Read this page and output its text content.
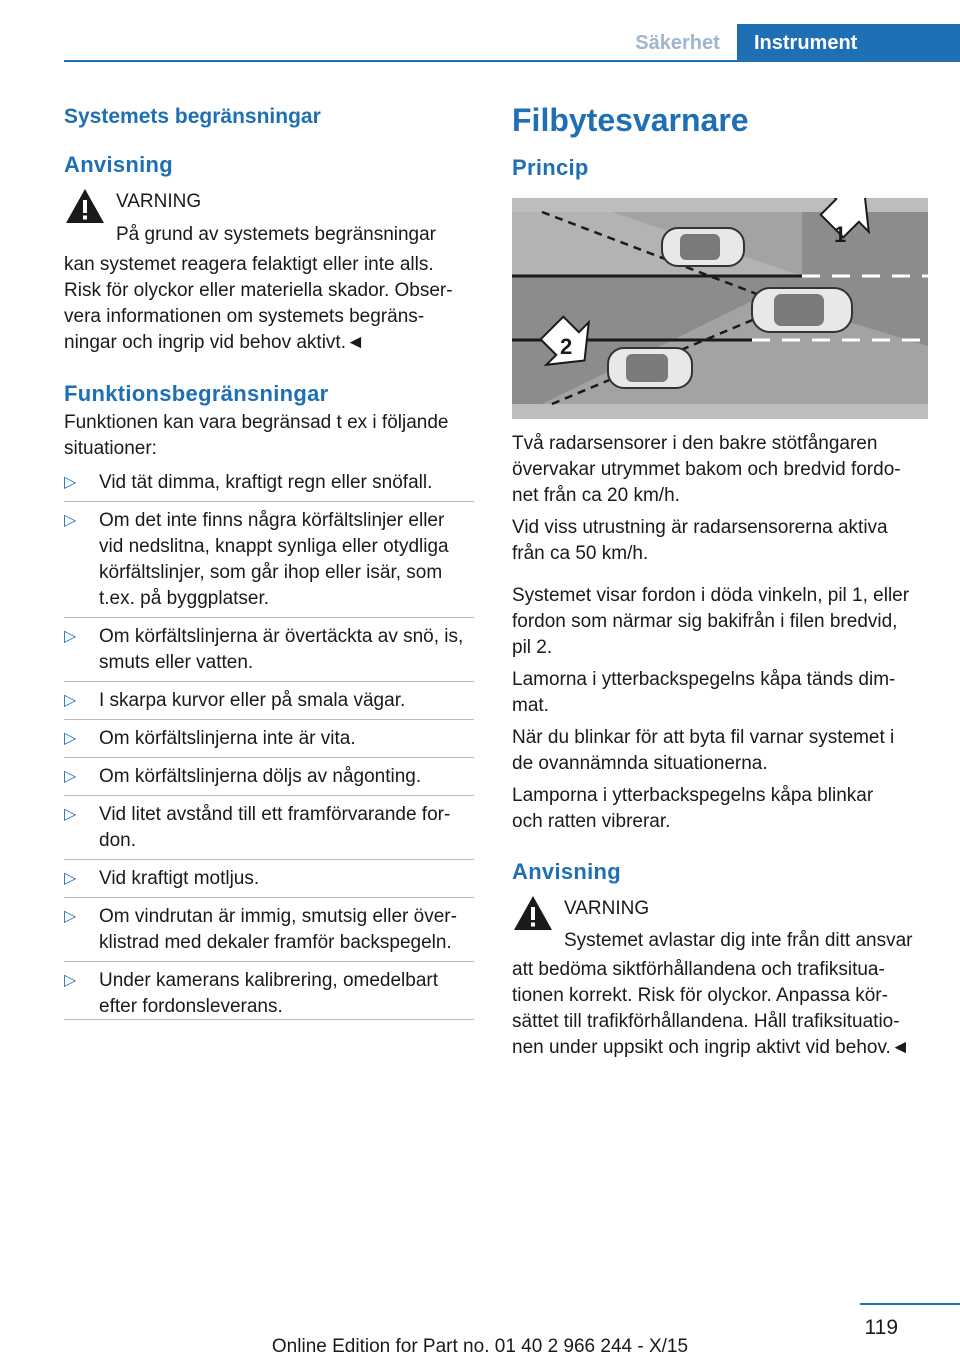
Säkerhet	Instrument
Systemets begränsningar
Anvisning

VARNING

På grund av systemets begränsningar

kan systemet reagera felaktigt eller inte alls.

Risk för olyckor eller materiella skador. Obser-

vera informationen om systemets begräns-

ningar och ingrip vid behov aktivt.◄

Funktionsbegränsningar

Funktionen kan vara begränsad t ex i följande

situationer:

▷ Vid tät dimma, kraftigt regn eller snöfall.
▷ Om det inte finns några körfältslinjer eller
vid nedslitna, knappt synliga eller otydliga
körfältslinjer, som går ihop eller isär, som
t.ex. på byggplatser.
▷ Om körfältslinjerna är övertäckta av snö, is,
smuts eller vatten.
▷ I skarpa kurvor eller på smala vägar.
▷ Om körfältslinjerna inte är vita.
▷ Om körfältslinjerna döljs av någonting.
▷ Vid litet avstånd till ett framförvarande for-
don.
▷ Vid kraftigt motljus.
▷ Om vindrutan är immig, smutsig eller över-
klistrad med dekaler framför backspegeln.
▷ Under kamerans kalibrering, omedelbart
efter fordonsleverans.
Filbytesvarnare
Princip
1
2

Två radarsensorer i den bakre stötfångaren

övervakar utrymmet bakom och bredvid fordo-

net från ca 20 km/h.

Vid viss utrustning är radarsensorerna aktiva

från ca 50 km/h.

Systemet visar fordon i döda vinkeln, pil 1, eller

fordon som närmar sig bakifrån i filen bredvid,

pil 2.

Lamorna i ytterbackspegelns kåpa tänds dim-

mat.

När du blinkar för att byta fil varnar systemet i

de ovannämnda situationerna.

Lamporna i ytterbackspegelns kåpa blinkar

och ratten vibrerar.

Anvisning

VARNING

Systemet avlastar dig inte från ditt ansvar

att bedöma siktförhållandena och trafiksitua-

tionen korrekt. Risk för olyckor. Anpassa kör-

sättet till trafikförhållandena. Håll trafiksituatio-

nen under uppsikt och ingrip aktivt vid behov.◄

119
Online Edition for Part no. 01 40 2 966 244 - X/15
